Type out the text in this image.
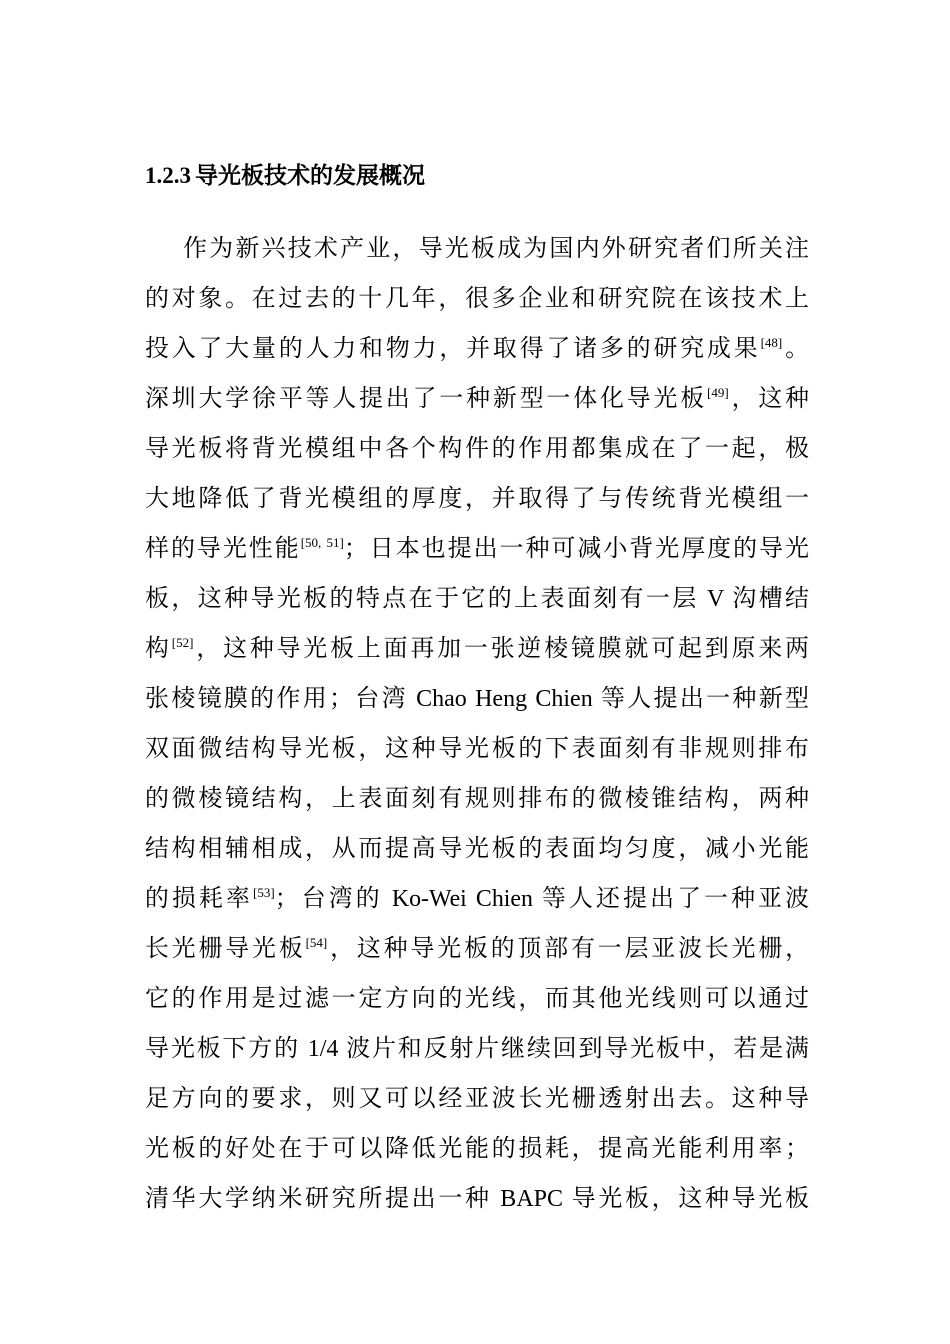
1.2.3 导光板技术的发展概况
作为新兴技术产业，导光板成为国内外研究者们所关注
的对象。在过去的十几年，很多企业和研究院在该技术上
投入了大量的人力和物力，并取得了诸多的研究成果[48]。
深圳大学徐平等人提出了一种新型一体化导光板[49]，这种
导光板将背光模组中各个构件的作用都集成在了一起，极
大地降低了背光模组的厚度，并取得了与传统背光模组一
样的导光性能[50, 51]；日本也提出一种可减小背光厚度的导光
板，这种导光板的特点在于它的上表面刻有一层 V 沟槽结
构[52]，这种导光板上面再加一张逆棱镜膜就可起到原来两
张棱镜膜的作用；台湾 Chao Heng Chien 等人提出一种新型
双面微结构导光板，这种导光板的下表面刻有非规则排布
的微棱镜结构，上表面刻有规则排布的微棱锥结构，两种
结构相辅相成，从而提高导光板的表面均匀度，减小光能
的损耗率[53]；台湾的 Ko-Wei Chien 等人还提出了一种亚波
长光栅导光板[54]，这种导光板的顶部有一层亚波长光栅，
它的作用是过滤一定方向的光线，而其他光线则可以通过
导光板下方的 1/4 波片和反射片继续回到导光板中，若是满
足方向的要求，则又可以经亚波长光栅透射出去。这种导
光板的好处在于可以降低光能的损耗，提高光能利用率；
清华大学纳米研究所提出一种 BAPC 导光板，这种导光板
